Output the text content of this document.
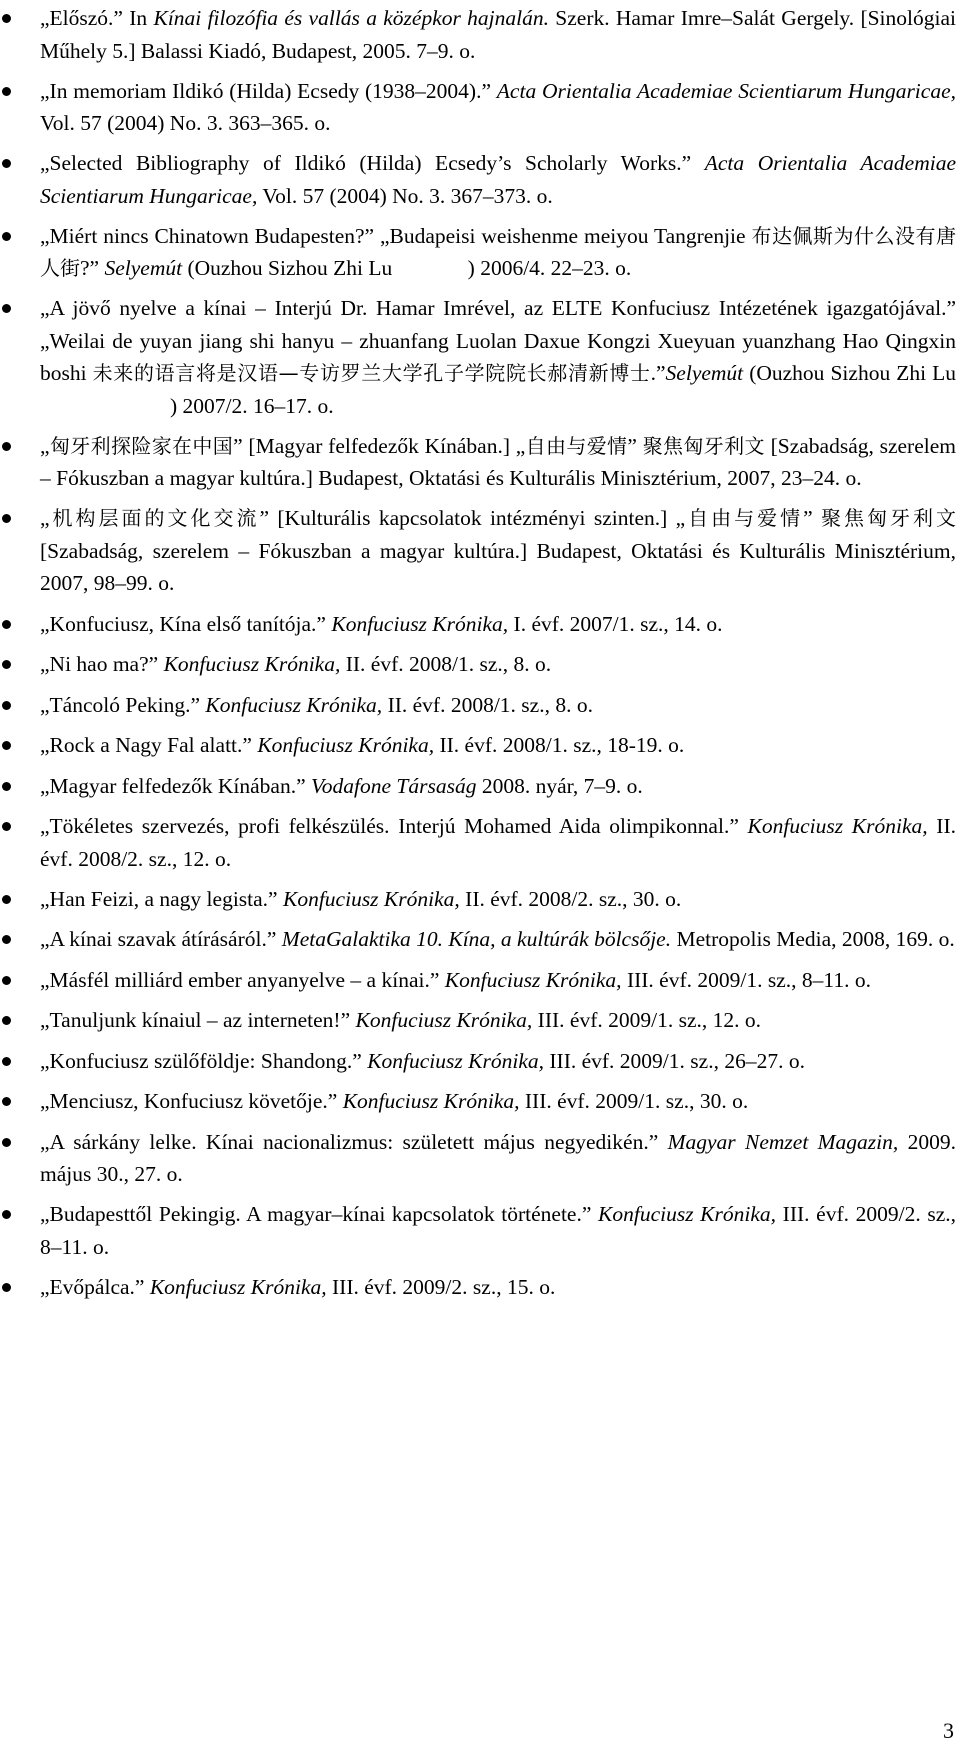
„Előszó.” In Kínai filozófia és vallás a középkor hajnalán. Szerk. Hamar Imre–Salát Gergely. [Sinológiai Műhely 5.] Balassi Kiadó, Budapest, 2005. 7–9. o.
„In memoriam Ildikó (Hilda) Ecsedy (1938–2004).” Acta Orientalia Academiae Scientiarum Hungaricae, Vol. 57 (2004) No. 3. 363–365. o.
„Selected Bibliography of Ildikó (Hilda) Ecsedy’s Scholarly Works.” Acta Orientalia Academiae Scientiarum Hungaricae, Vol. 57 (2004) No. 3. 367–373. o.
„Miért nincs Chinatown Budapesten?” „Budapeisi weishenme meiyou Tangrenjie 布达佩斯为什么没有唐人街?” Selyemút (Ouzhou Sizhou Zhi Lu	) 2006/4. 22–23. o.
„A jövő nyelve a kínai – Interjú Dr. Hamar Imrével, az ELTE Konfuciusz Intézetének igazgatójával.” „Weilai de yuyan jiang shi hanyu – zhuanfang Luolan Daxue Kongzi Xueyuan yuanzhang Hao Qingxin boshi 未来的语言将是汉语—专访罗兰大学孔子学院院长郝清新博士.”Selyemút (Ouzhou Sizhou Zhi Lu ) 2007/2. 16–17. o.
„匈牙利探险家在中国” [Magyar felfedezők Kínában.] „自由与爱情” 聚焦匈牙利文 [Szabadság, szerelem – Fókuszban a magyar kultúra.] Budapest, Oktatási és Kulturális Minisztérium, 2007, 23–24. o.
„机构层面的文化交流” [Kulturális kapcsolatok intézményi szinten.] „自由与爱情” 聚焦匈牙利文 [Szabadság, szerelem – Fókuszban a magyar kultúra.] Budapest, Oktatási és Kulturális Minisztérium, 2007, 98–99. o.
„Konfuciusz, Kína első tanítója.” Konfuciusz Krónika, I. évf. 2007/1. sz., 14. o.
„Ni hao ma?” Konfuciusz Krónika, II. évf. 2008/1. sz., 8. o.
„Táncoló Peking.” Konfuciusz Krónika, II. évf. 2008/1. sz., 8. o.
„Rock a Nagy Fal alatt.” Konfuciusz Krónika, II. évf. 2008/1. sz., 18-19. o.
„Magyar felfedezők Kínában.” Vodafone Társaság 2008. nyár, 7–9. o.
„Tökéletes szervezés, profi felkészülés. Interjú Mohamed Aida olimpikonnal.” Konfuciusz Krónika, II. évf. 2008/2. sz., 12. o.
„Han Feizi, a nagy legista.” Konfuciusz Krónika, II. évf. 2008/2. sz., 30. o.
„A kínai szavak átírásáról.” MetaGalaktika 10. Kína, a kultúrák bölcsője. Metropolis Media, 2008, 169. o.
„Másfél milliárd ember anyanyelve – a kínai.” Konfuciusz Krónika, III. évf. 2009/1. sz., 8–11. o.
„Tanuljunk kínaiul – az interneten!” Konfuciusz Krónika, III. évf. 2009/1. sz., 12. o.
„Konfuciusz szülőföldje: Shandong.” Konfuciusz Krónika, III. évf. 2009/1. sz., 26–27. o.
„Menciusz, Konfuciusz követője.” Konfuciusz Krónika, III. évf. 2009/1. sz., 30. o.
„A sárkány lelke. Kínai nacionalizmus: született május negyedikén.” Magyar Nemzet Magazin, 2009. május 30., 27. o.
„Budapesttől Pekingig. A magyar–kínai kapcsolatok története.” Konfuciusz Krónika, III. évf. 2009/2. sz., 8–11. o.
„Evőpálca.” Konfuciusz Krónika, III. évf. 2009/2. sz., 15. o.
3
